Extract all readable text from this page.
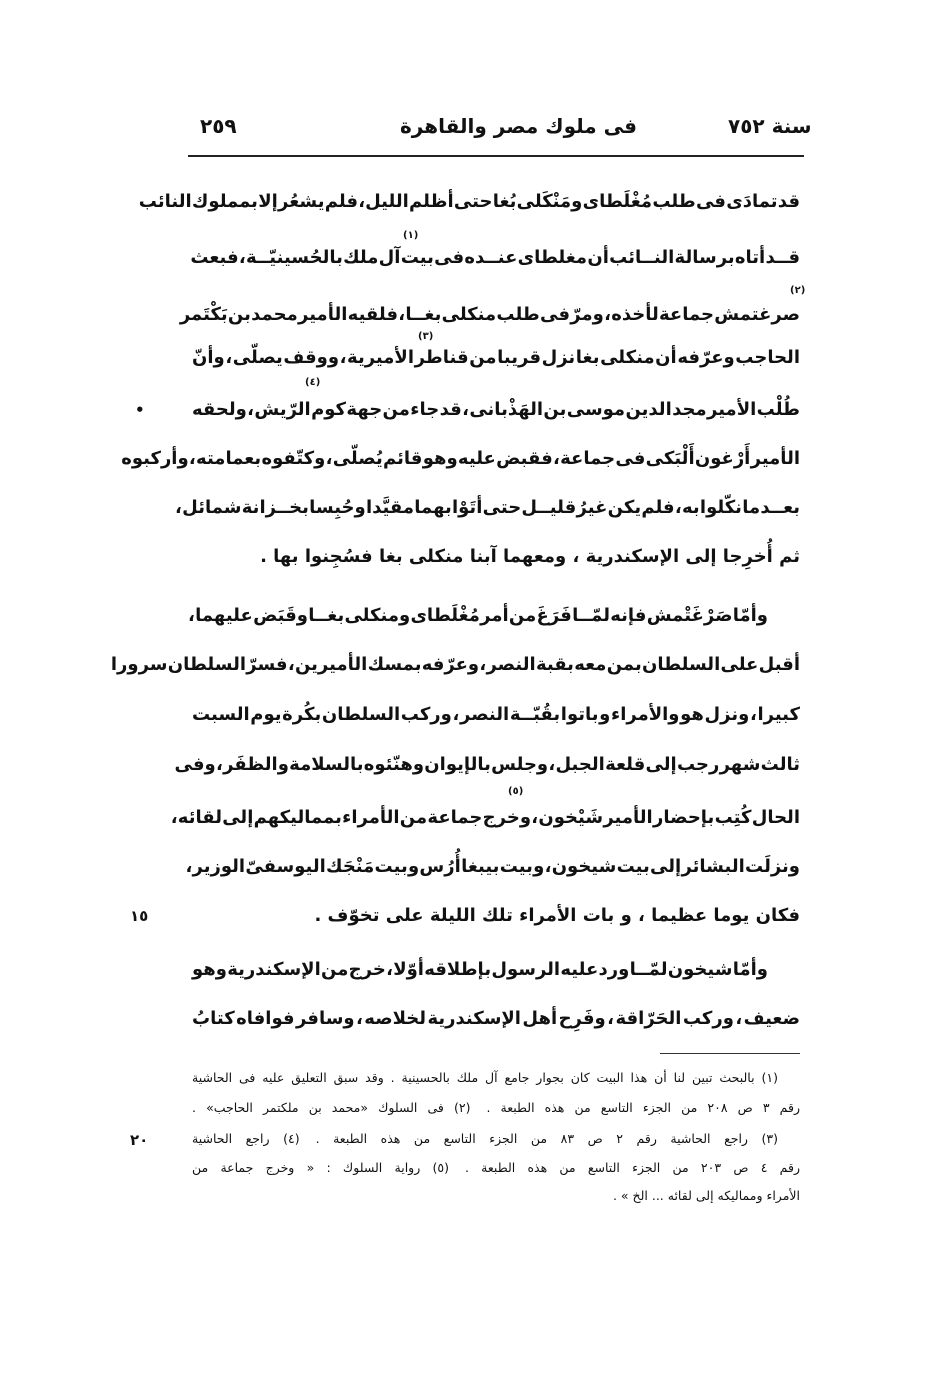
٢٥٩	فى ملوك مصر والقاهرة	سنة ٧٥٢
قد تمادَى فى طلب مُغْلَطاى ومَنْكَلى بُغا حتى أظلم الليل، فلم يشعُر إلا بمملوك النائب
قــد أتاه برسالة النــائب أن مغلطاى عنــده فى بيت آل ملك بالحُسينيّــة ، فبعث
صرغتمش جماعة لأخذه ، ومرّ فى طلب منكلى بغــا ، فلقيه الأمير محمد بن بَكْتَمر
الحاجب وعرّفه أن منكلى بغا نزل قريبا من قناطر الأميرية ، ووقف يصلّى ، وأنّ
طُلْب الأمير مجد الدين موسى بن الهَذْبانى ، قد جاء من جهة كوم الرّيش ، ولحقه
الأمير أَرْغون أَلْبَكى فى جماعة ، فقبض عليه وهو قائم يُصلّى ، وكتّفوه بعمامته ، وأركبوه
بعــد ما نكّلوا به ، فلم يكن غيرُ قليــل حتى أتَوْا بهما مقيَّدا وحُبِسا بخــزانة شمائل ،
ثم أُخرِجا إلى الإسكندرية ، ومعهما آبنا منكلى بغا فسُجِنوا بها .
وأمّا صَرْغَتْمش فإنه لمّــا فَرَغَ من أمر مُغْلَطاى ومنكلى بغــا وقَبَض عليهما ،
أقبل على السلطان بمن معه بقبة النصر ، وعرّفه بمسك الأميرين ، فسرّ السلطان سرورا
كبيرا ، ونزل هو والأمراء و باتوا بقُبّــة النصر ، وركب السلطان بكُرة يوم السبت
ثالث شهر رجب إلى قلعة الجبل ، وجلس بالإيوان وهنّئوه بالسلامة والظفَر ، وفى
الحال كُتِب بإحضار الأمير شَيْخون ، وخرج جماعة من الأمراء بمماليكهم إلى لقائه ،
ونزلَت البشائر إلى بيت شيخون ، و بيت بيبغا أُرُس و بيت مَنْجَك اليوسفىّ الوزير ،
فكان يوما عظيما ، و بات الأمراء تلك الليلة على تخوّف .
وأمّا شيخون لمّــا ورد عليه الرسول بإطلاقه أوّلا ، خرج من الإسكندرية وهو
ضعيف ، وركب الحَرّاقة ، وفَرِح أهل الإسكندرية لخلاصه ، وسافر فوافاه كتابُ
(١)
(٢)
(٣)
(٤)
(٥)
•
١٥
٢٠
(١) بالبحث تبين لنا أن هذا البيت كان بجوار جامع آل ملك بالحسينية . وقد سبق التعليق عليه فى الحاشية
رقم ٣ ص ٢٠٨ من الجزء التاسع من هذه الطبعة .(٢) فى السلوك «محمد بن ملكتمر الحاجب» .
(٣) راجع الحاشية رقم ٢ ص ٨٣ من الجزء التاسع من هذه الطبعة .(٤) راجع الحاشية
رقم ٤ ص ٢٠٣ من الجزء التاسع من هذه الطبعة .(٥) رواية السلوك : « وخرج جماعة من
الأمراء ومماليكه إلى لقائه ... الخ » .
